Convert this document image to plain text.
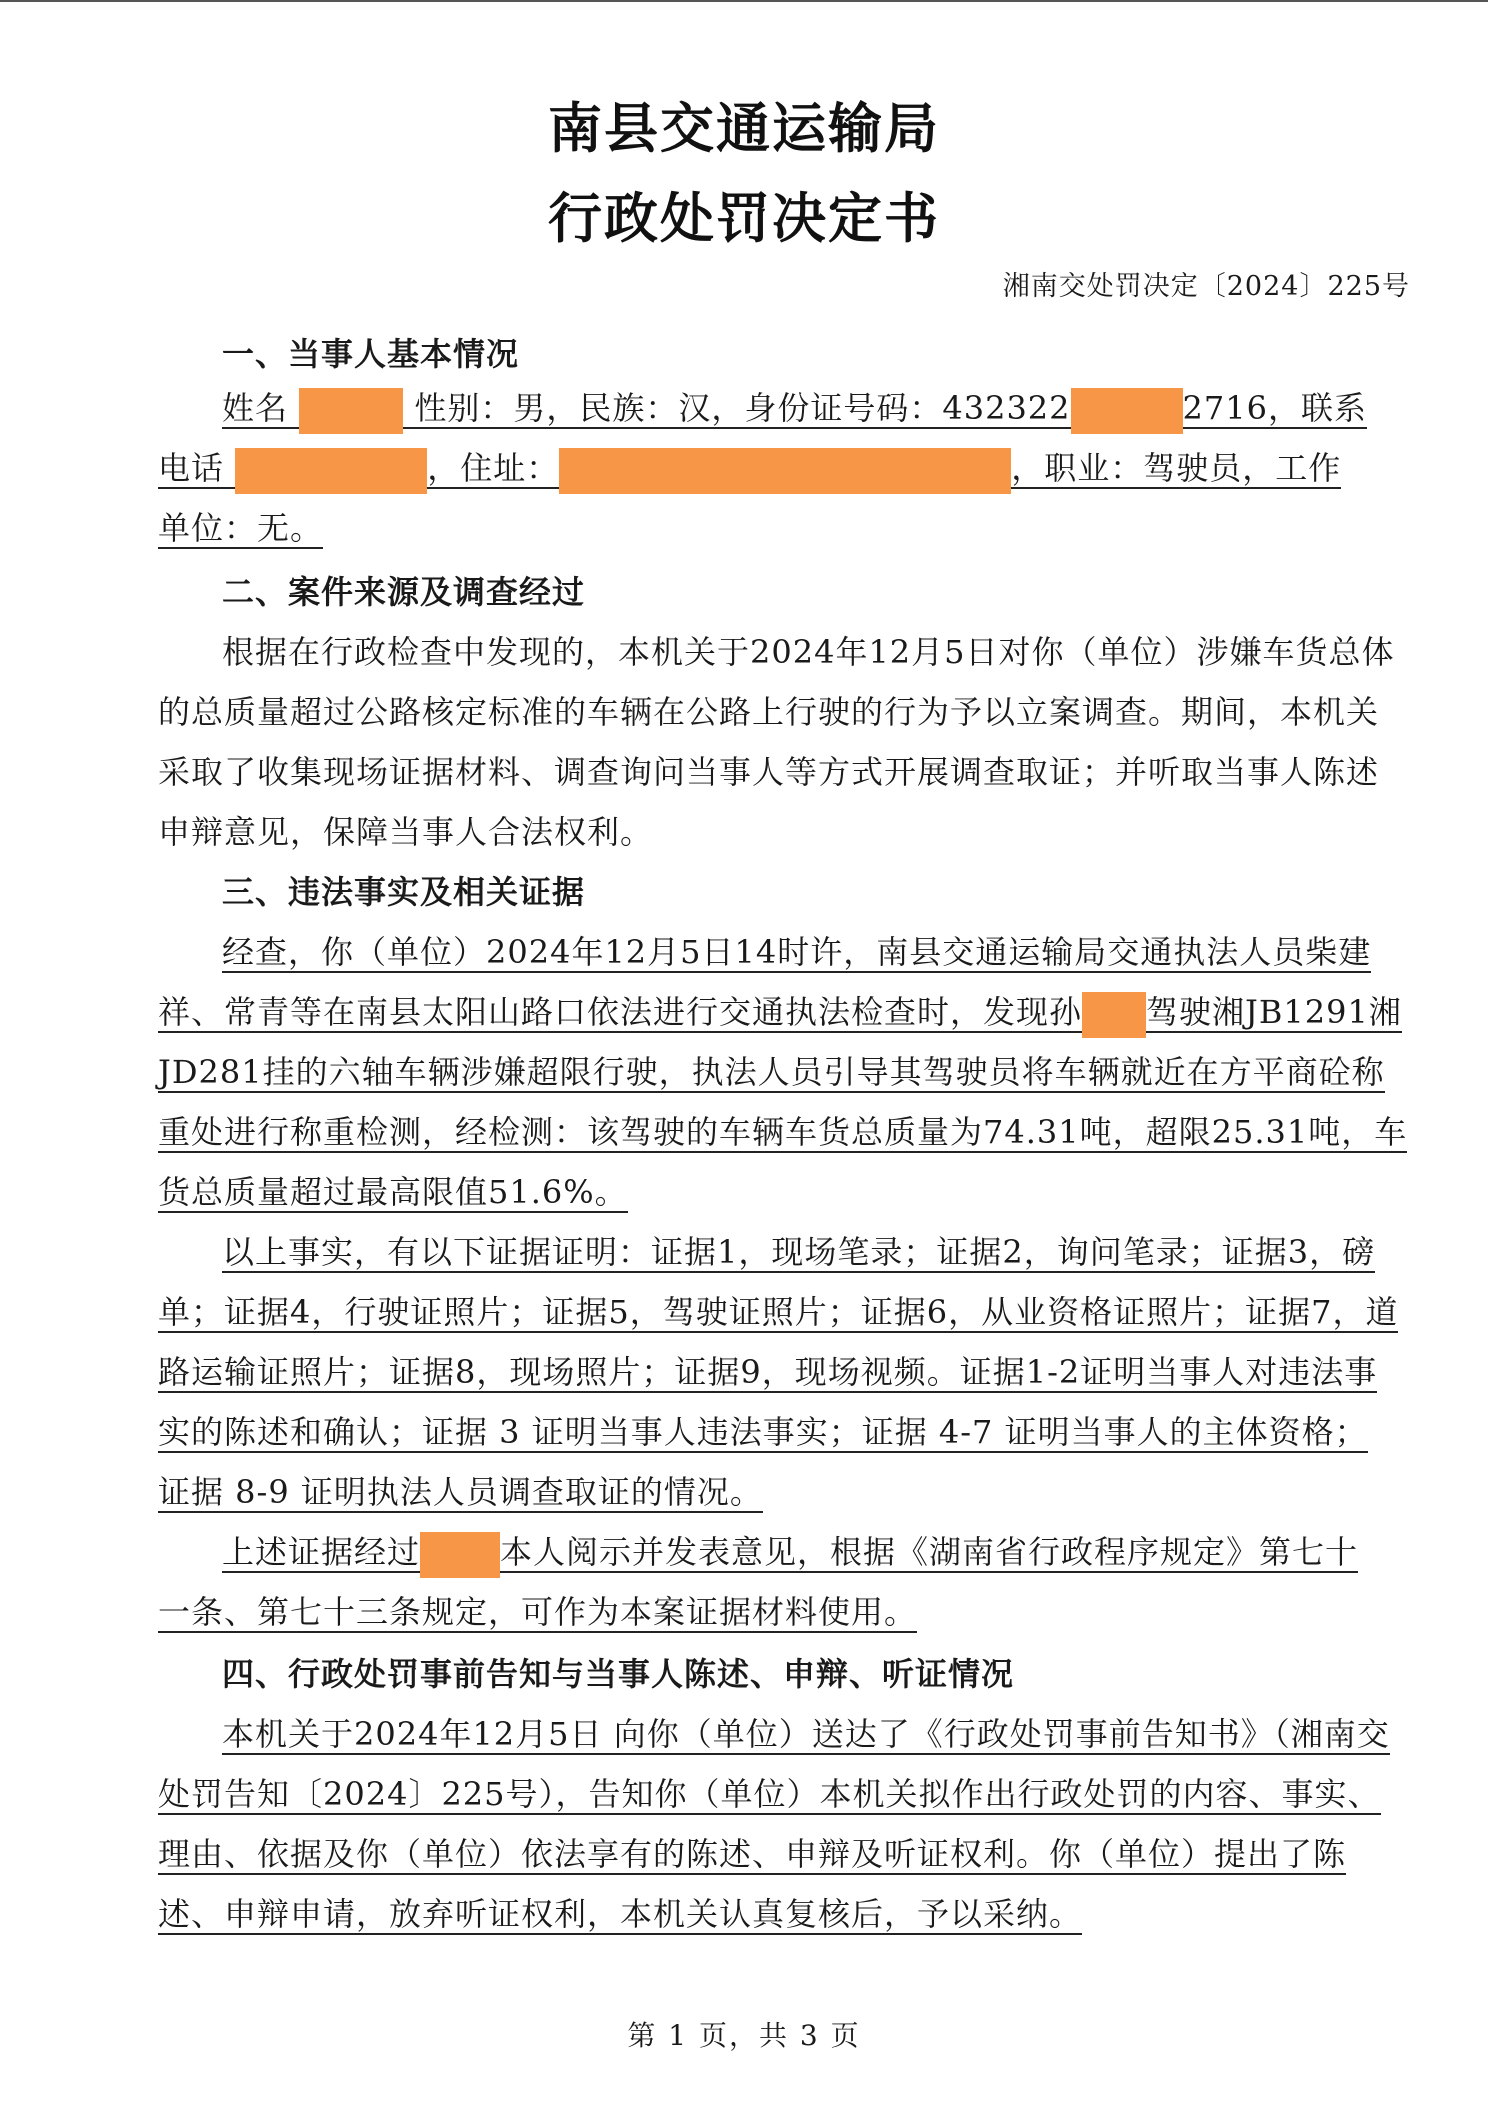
南县交通运输局
行政处罚决定书
湘南交处罚决定〔2024〕225号
一、当事人基本情况
姓名	性别：男，民族：汉，身份证号码：432322	2716，联系
电话	，住址：	，职业：驾驶员，工作
单位：无。
二、案件来源及调查经过
根据在行政检查中发现的，本机关于2024年12月5日对你（单位）涉嫌车货总体
的总质量超过公路核定标准的车辆在公路上行驶的行为予以立案调查。期间，本机关
采取了收集现场证据材料、调查询问当事人等方式开展调查取证；并听取当事人陈述
申辩意见，保障当事人合法权利。
三、违法事实及相关证据
经查，你（单位）2024年12月5日14时许，南县交通运输局交通执法人员柴建
祥、常青等在南县太阳山路口依法进行交通执法检查时，发现孙 驾驶湘JB1291湘
JD281挂的六轴车辆涉嫌超限行驶，执法人员引导其驾驶员将车辆就近在方平商砼称
重处进行称重检测，经检测：该驾驶的车辆车货总质量为74.31吨，超限25.31吨，车
货总质量超过最高限值51.6%。
以上事实，有以下证据证明：证据1，现场笔录；证据2，询问笔录；证据3，磅
单；证据4，行驶证照片；证据5，驾驶证照片；证据6，从业资格证照片；证据7，道
路运输证照片；证据8，现场照片；证据9，现场视频。证据1-2证明当事人对违法事
实的陈述和确认；证据 3 证明当事人违法事实；证据 4-7 证明当事人的主体资格；
证据 8-9 证明执法人员调查取证的情况。
上述证据经过	本人阅示并发表意见，根据《湖南省行政程序规定》第七十
一条、第七十三条规定，可作为本案证据材料使用。
四、行政处罚事前告知与当事人陈述、申辩、听证情况
本机关于2024年12月5日 向你（单位）送达了《行政处罚事前告知书》（湘南交
处罚告知〔2024〕225号），告知你（单位）本机关拟作出行政处罚的内容、事实、
理由、依据及你（单位）依法享有的陈述、申辩及听证权利。你（单位）提出了陈
述、申辩申请，放弃听证权利，本机关认真复核后，予以采纳。
第 1 页，共 3 页
